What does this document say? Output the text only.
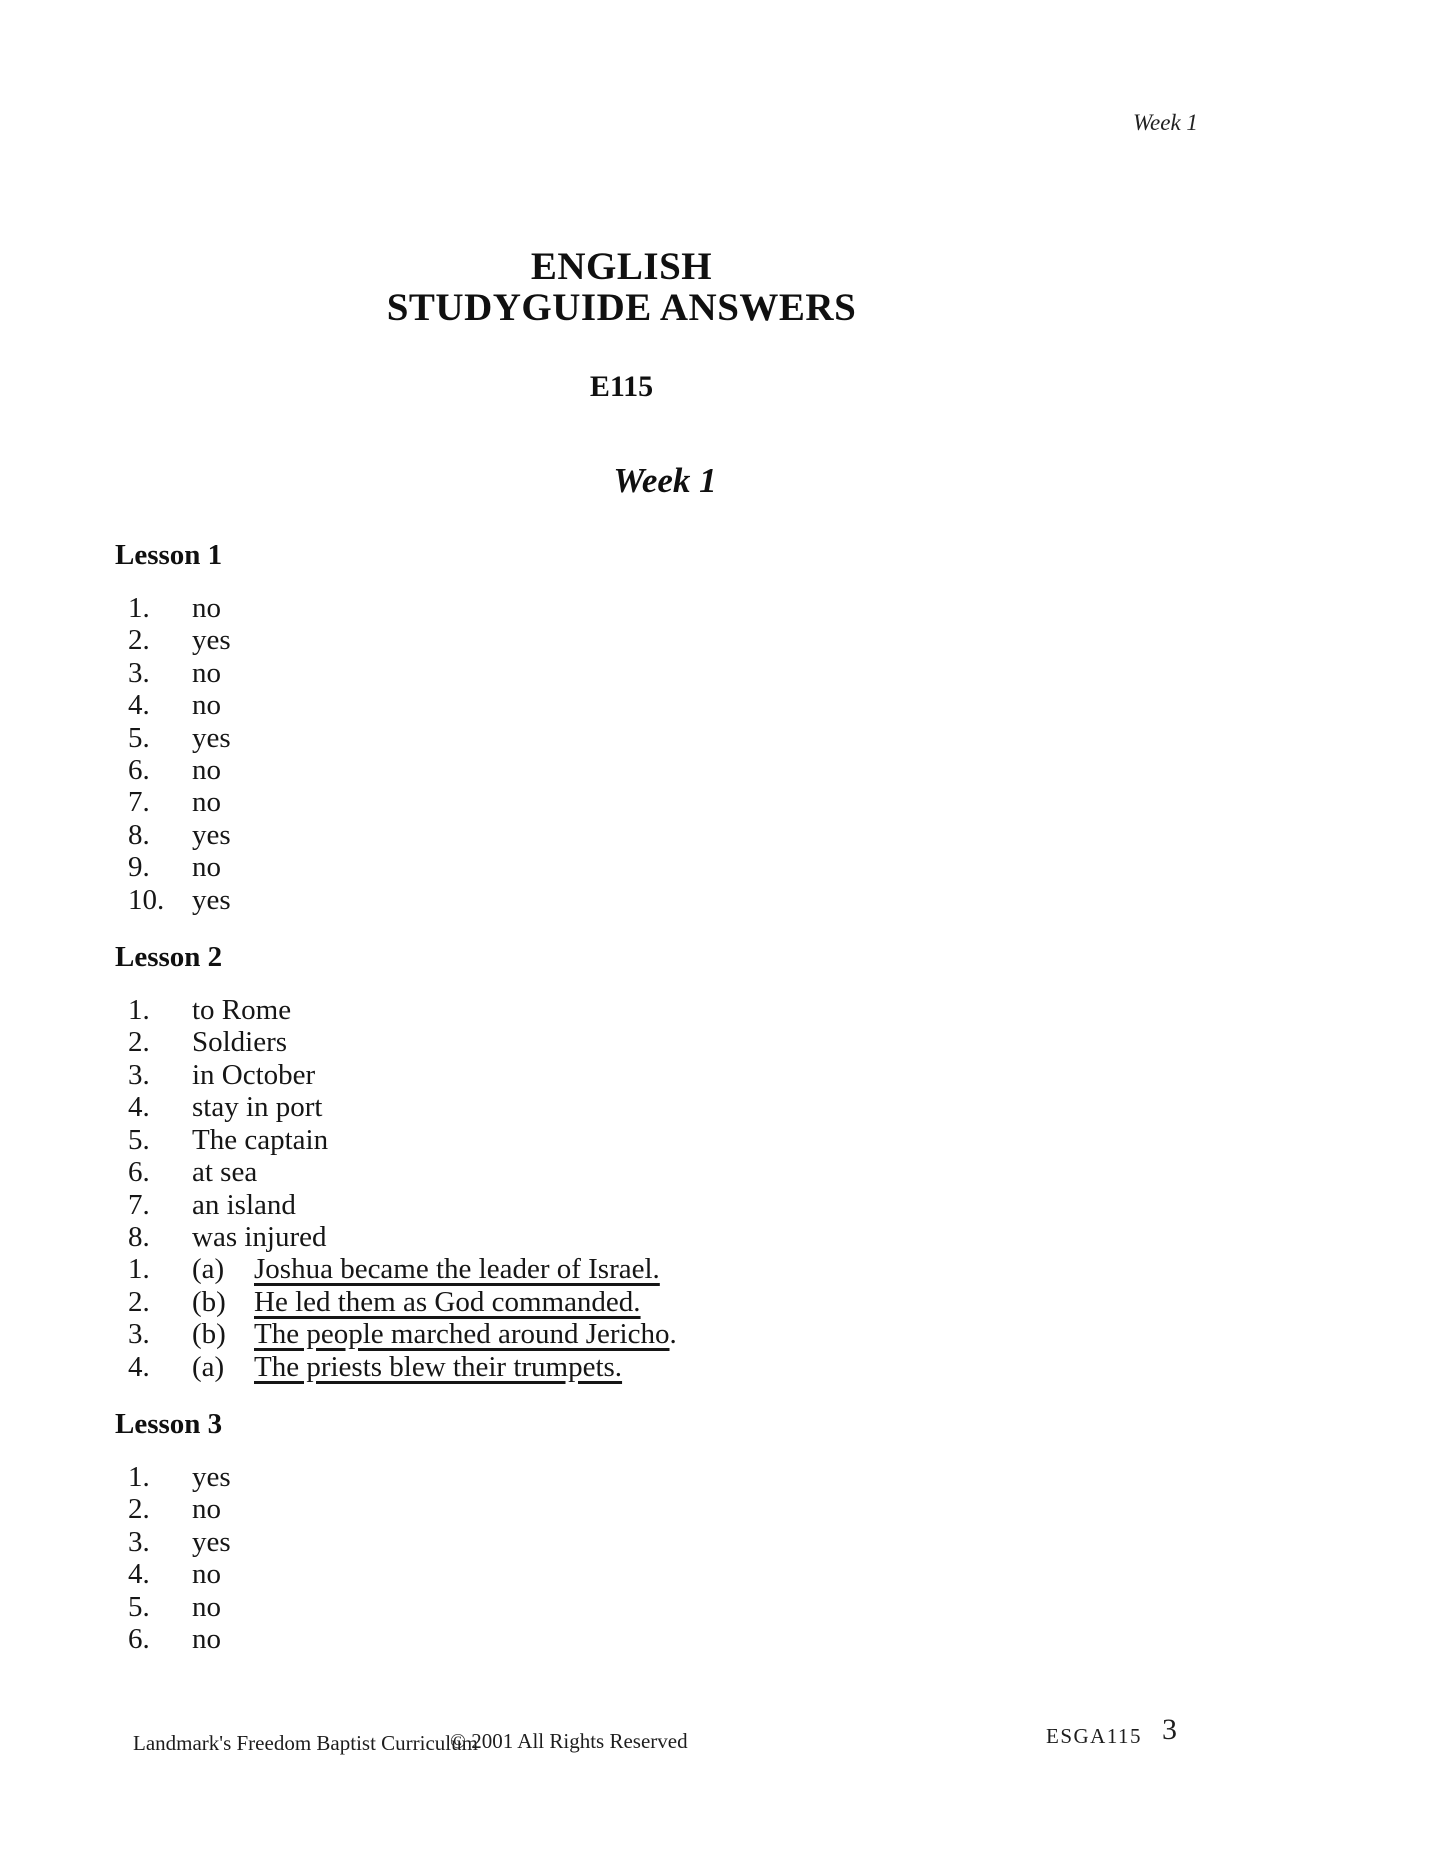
Week 1
ENGLISH
STUDYGUIDE ANSWERS
E115
Week 1
Lesson 1
1. no
2. yes
3. no
4. no
5. yes
6. no
7. no
8. yes
9. no
10. yes
Lesson 2
1. to Rome
2. Soldiers
3. in October
4. stay in port
5. The captain
6. at sea
7. an island
8. was injured
1. (a) Joshua became the leader of Israel.
2. (b) He led them as God commanded.
3. (b) The people marched around Jericho.
4. (a) The priests blew their trumpets.
Lesson 3
1. yes
2. no
3. yes
4. no
5. no
6. no
Landmark's Freedom Baptist Curriculum
© 2001 All Rights Reserved	ESGA115 3
